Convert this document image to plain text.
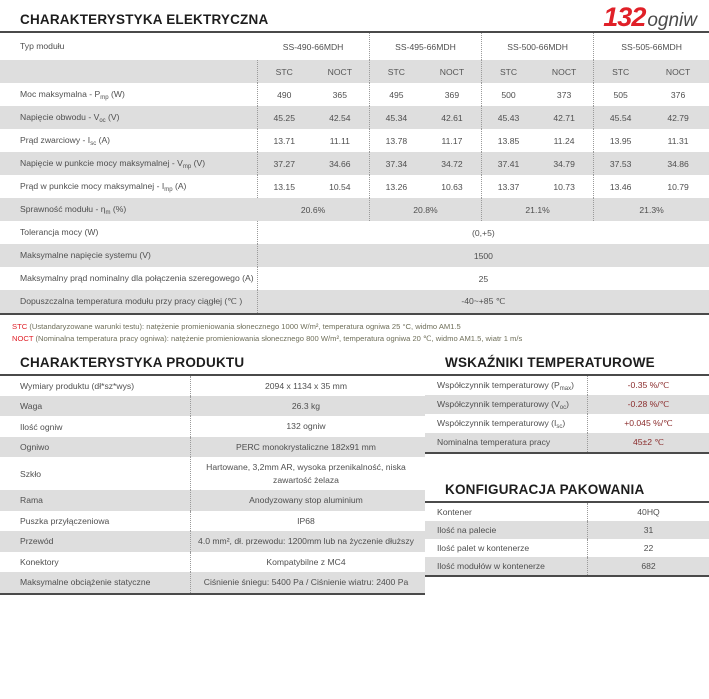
132 ogniw
CHARAKTERYSTYKA ELEKTRYCZNA
Typ modułu	SS-490-66MDH		SS-495-66MDH		SS-500-66MDH		SS-505-66MDH	
	STC	NOCT	STC	NOCT	STC	NOCT	STC	NOCT
Moc maksymalna - $P_{mp}$ (W)	490	365	495	369	500	373	505	376
Napięcie obwodu - $V_{oc}$ (V)	45.25	42.54	45.34	42.61	45.43	42.71	45.54	42.79
Prąd zwarciowy - $I_{sc}$ (A)	13.71	11.11	13.78	11.17	13.85	11.24	13.95	11.31
Napięcie w punkcie mocy maksymalnej - $V_{mp}$ (V)	37.27	34.66	37.34	34.72	37.41	34.79	37.53	34.86
Prąd w punkcie mocy maksymalnej - $I_{mp}$ (A)	13.15	10.54	13.26	10.63	13.37	10.73	13.46	10.79
Sprawność modułu - $\eta_m$ (%)	20.6%		20.8%		21.1%		21.3%	
Tolerancja mocy (W)	(0,+5)							
Maksymalne napięcie systemu (V)	1500							
Maksymalny prąd nominalny dla połączenia szeregowego (A)	25							
Dopuszczalna temperatura modułu przy pracy ciągłej (℃ )	-40~+85 ℃							
STC (Ustandaryzowane warunki testu): natężenie promieniowania słonecznego 1000 W/m², temperatura ogniwa 25 °C, widmo AM1.5
NOCT (Nominalna temperatura pracy ogniwa): natężenie promieniowania słonecznego 800 W/m², temperatura ogniwa 20 ℃, widmo AM1.5, wiatr 1 m/s
CHARAKTERYSTYKA PRODUKTU
Wymiary produktu (dł*sz*wys)	2094 x 1134 x 35 mm
Waga	26.3 kg
Ilość ogniw	132 ogniw
Ogniwo	PERC monokrystaliczne 182x91 mm
Szkło	Hartowane, 3,2mm AR, wysoka przenikalność, niska zawartość żelaza
Rama	Anodyzowany stop aluminium
Puszka przyłączeniowa	IP68
Przewód	4.0 mm², dł. przewodu: 1200mm lub na życzenie dłuższy
Konektory	Kompatybilne z MC4
Maksymalne obciążenie statyczne	Ciśnienie śniegu: 5400 Pa / Ciśnienie wiatru: 2400 Pa
WSKAŹNIKI TEMPERATUROWE
Współczynnik temperaturowy $(P_{max})$	-0.35 %/℃
Współczynnik temperaturowy $(V_{oc})$	-0.28 %/℃
Współczynnik temperaturowy $(I_{sc})$	+0.045 %/℃
Nominalna temperatura pracy	45±2 ℃
KONFIGURACJA PAKOWANIA
Kontener	40HQ
Ilość na palecie	31
Ilość palet w kontenerze	22
Ilość modułów w kontenerze	682
